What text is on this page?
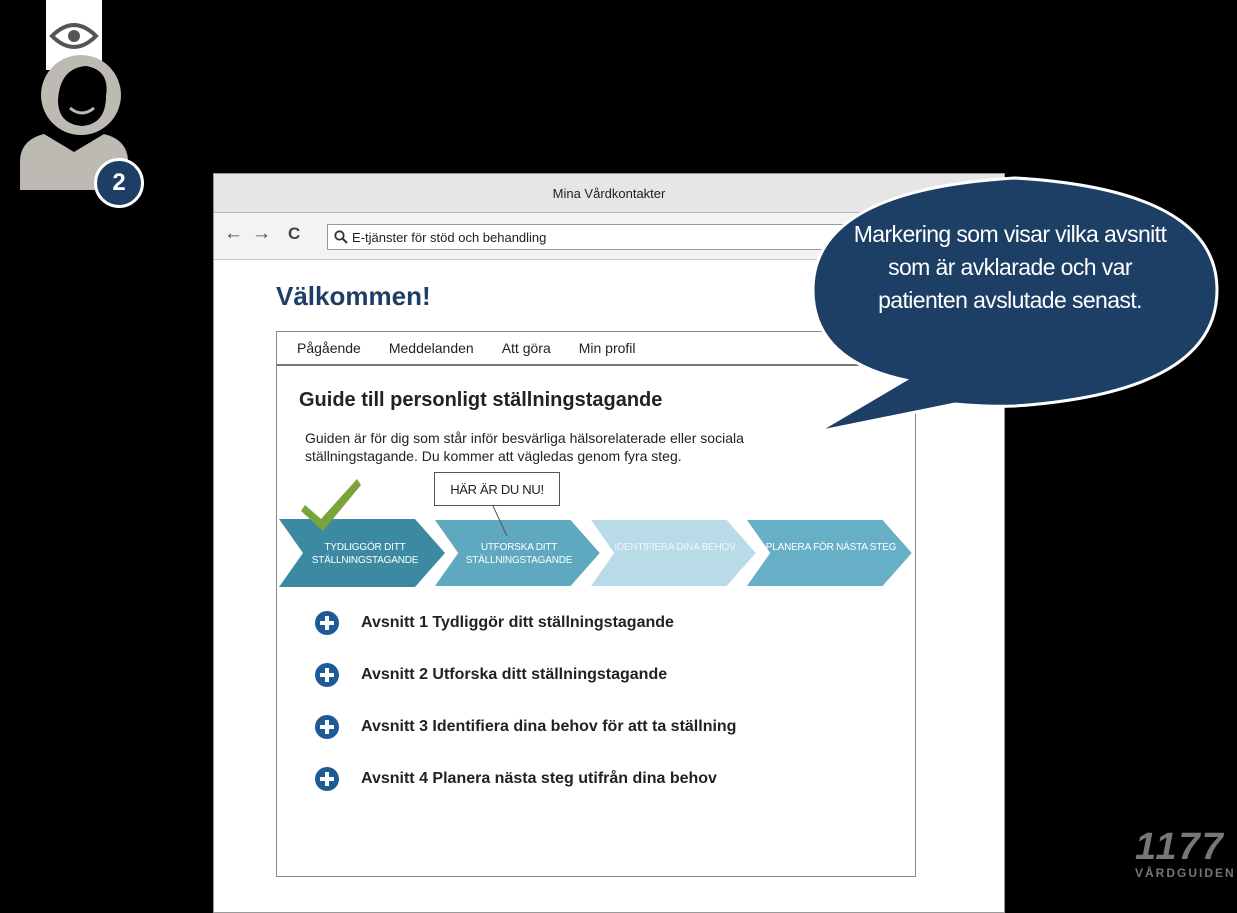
2	Mina Vårdkontakter
← → C	E-tjänster för stöd och behandling
Välkommen!
Pågående Meddelanden Att göra Min profil
Guide till personligt ställningstagande
Guiden är för dig som står inför besvärliga hälsorelaterade eller sociala ställningstagande. Du kommer att vägledas genom fyra steg.
TYDLIGGÖR DITT STÄLLNINGSTAGANDE
UTFORSKA DITT STÄLLNINGSTAGANDE
IDENTIFIERA DINA BEHOV	PLANERA FÖR NÄSTA STEG
HÄR ÄR DU NU!
Avsnitt 1 Tydliggör ditt ställningstagande
Avsnitt 2 Utforska ditt ställningstagande
Avsnitt 3 Identifiera dina behov för att ta ställning
Avsnitt 4 Planera nästa steg utifrån dina behov
Markering som visar vilka avsnitt som är avklarade och var patienten avslutade senast.
1177
VÅRDGUIDEN
